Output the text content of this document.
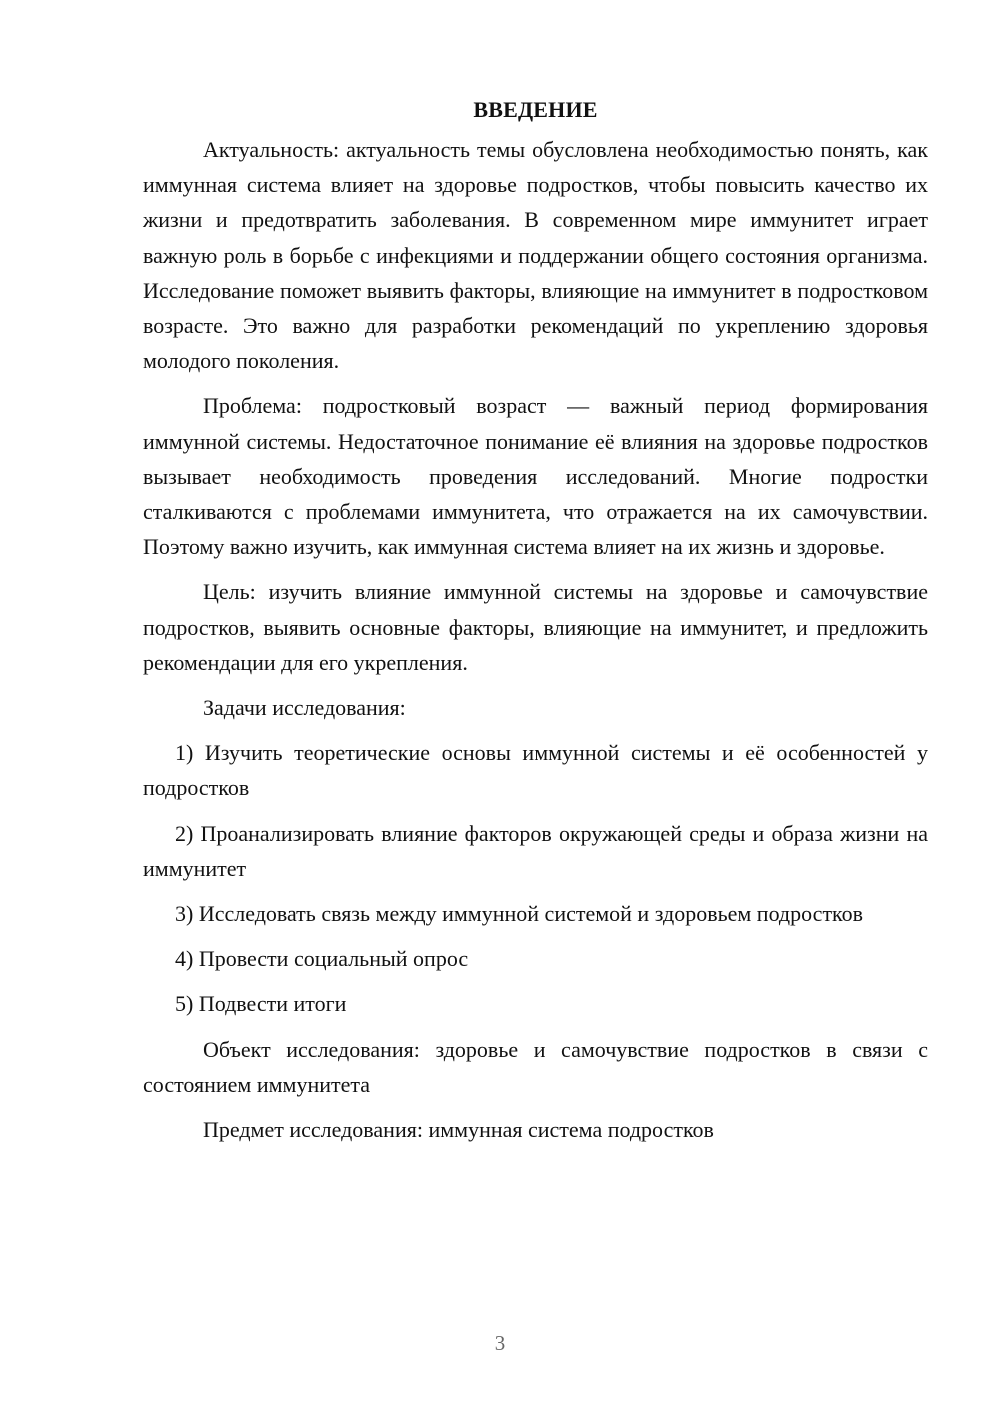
ВВЕДЕНИЕ

Актуальность: актуальность темы обусловлена необходимостью понять, как иммунная система влияет на здоровье подростков, чтобы повысить качество их жизни и предотвратить заболевания. В современном мире иммунитет играет важную роль в борьбе с инфекциями и поддержании общего состояния организма. Исследование поможет выявить факторы, влияющие на иммунитет в подростковом возрасте. Это важно для разработки рекомендаций по укреплению здоровья молодого поколения.

Проблема: подростковый возраст — важный период формирования иммунной системы. Недостаточное понимание её влияния на здоровье подростков вызывает необходимость проведения исследований. Многие подростки сталкиваются с проблемами иммунитета, что отражается на их самочувствии. Поэтому важно изучить, как иммунная система влияет на их жизнь и здоровье.

Цель: изучить влияние иммунной системы на здоровье и самочувствие подростков, выявить основные факторы, влияющие на иммунитет, и предложить рекомендации для его укрепления.

Задачи исследования:

1) Изучить теоретические основы иммунной системы и её особенностей у подростков

2) Проанализировать влияние факторов окружающей среды и образа жизни на иммунитет

3) Исследовать связь между иммунной системой и здоровьем подростков

4) Провести социальный опрос

5) Подвести итоги

Объект исследования: здоровье и самочувствие подростков в связи с состоянием иммунитета

Предмет исследования: иммунная система подростков

3
